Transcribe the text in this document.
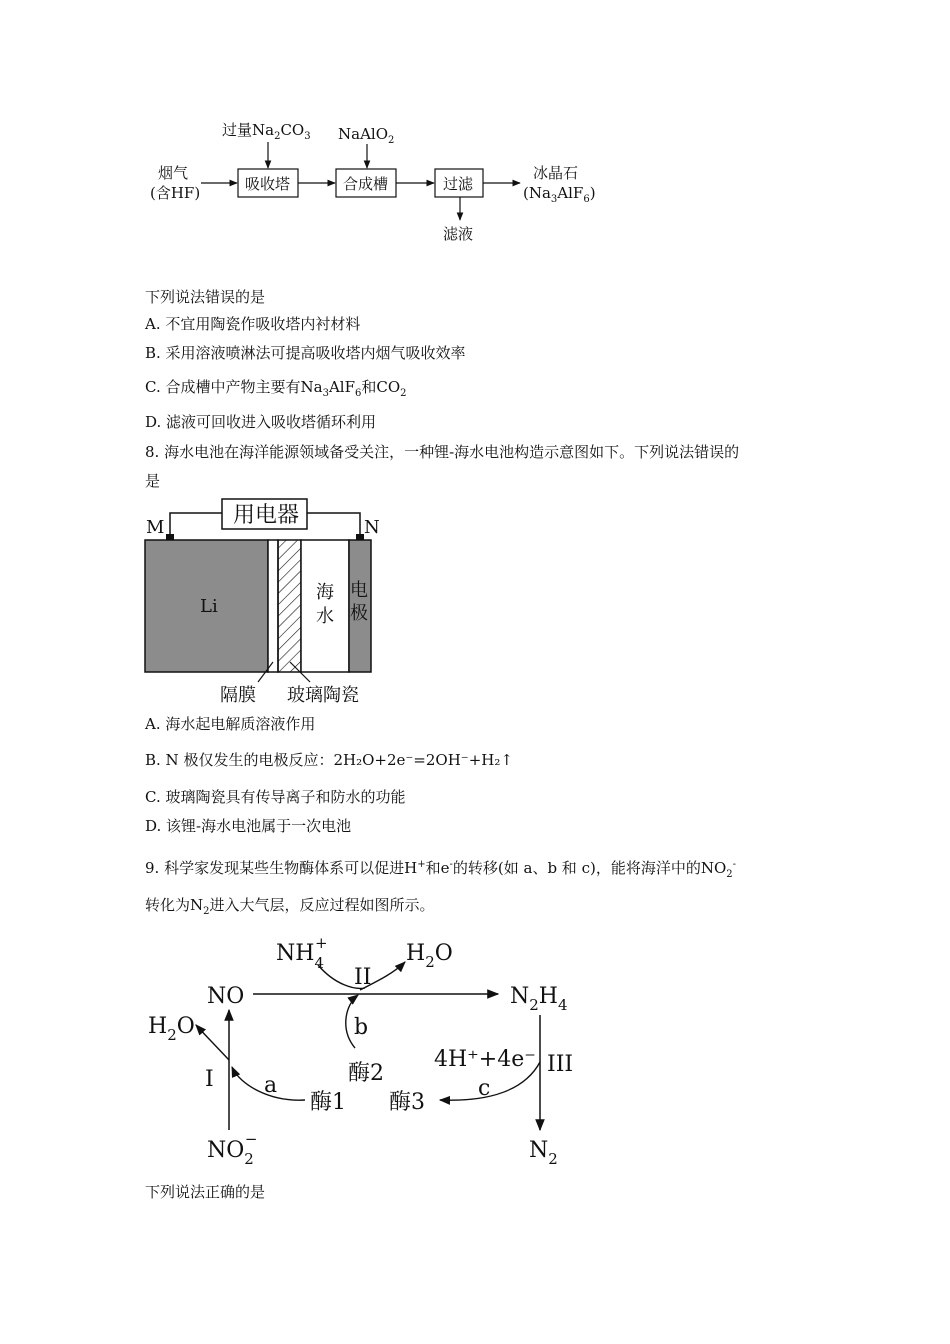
过量$Na_2CO_3$ NaAlO$_2$
烟气
(含HF)	吸收塔	合成槽	过滤
冰晶石
$(Na_3AlF_6)$
滤液
下列说法错误的是
A. 不宜用陶瓷作吸收塔内衬材料
B. 采用溶液喷淋法可提高吸收塔内烟气吸收效率
C. 合成槽中产物主要有$Na_3AlF_6$和$CO_2$
D. 滤液可回收进入吸收塔循环利用
8. 海水电池在海洋能源领域备受关注，一种锂-海水电池构造示意图如下。下列说法错误的
是
用电器
M	N
Li
海
水
电
极
隔膜 玻璃陶瓷
A. 海水起电解质溶液作用
B. N 极仅发生的电极反应：2H₂O+2e⁻=2OH⁻+H₂↑
C. 玻璃陶瓷具有传导离子和防水的功能
D. 该锂-海水电池属于一次电池
9. 科学家发现某些生物酶体系可以促进H+和e-的转移(如 a、b 和 c)，能将海洋中的$NO_2^-$
转化为$N_2$进入大气层，反应过程如图所示。
$NH_4+$	$H_2O$
II
NO	$N_2H_4$
$H_2O$	b
酶2
I a
酶1 酶3
4H⁺+4e⁻
c
III
$NO_2-$	$N_2$
下列说法正确的是
